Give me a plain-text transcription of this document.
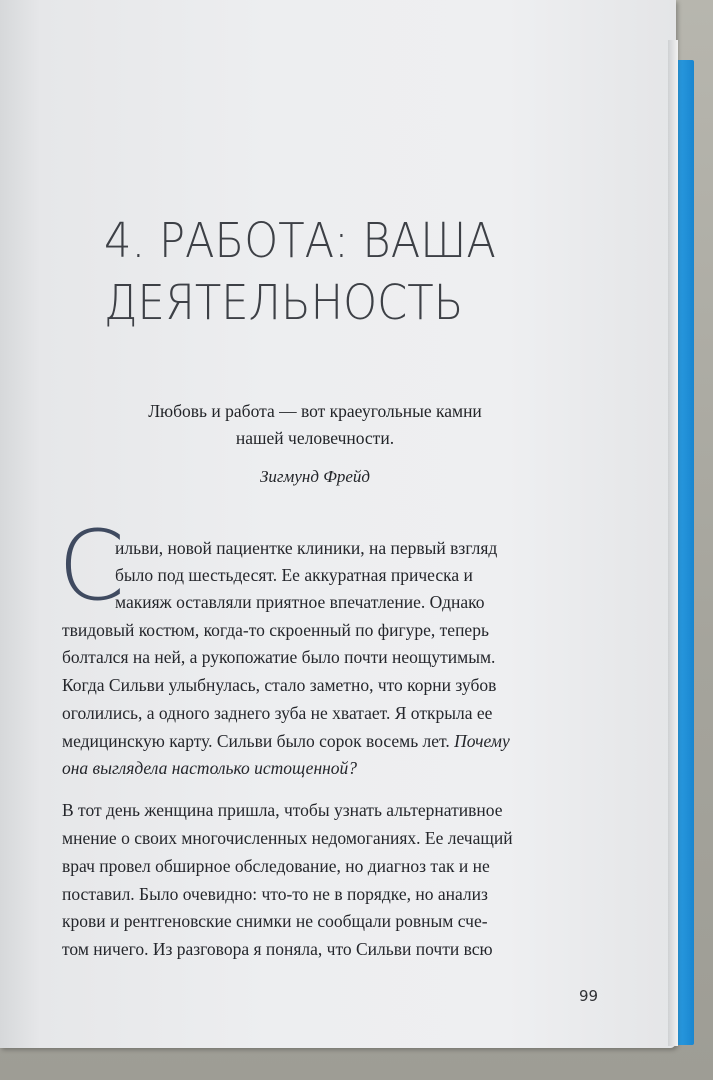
4. РАБОТА: ВАША
ДЕЯТЕЛЬНОСТЬ
Любовь и работа — вот краеугольные камни
нашей человечности.

Зигмунд Фрейд

С

ильви, новой пациентке клиники, на первый взгляд

было под шестьдесят. Ее аккуратная прическа и

макияж оставляли приятное впечатление. Однако

твидовый костюм, когда-то скроенный по фигуре, теперь

болтался на ней, а рукопожатие было почти неощутимым.

Когда Сильви улыбнулась, стало заметно, что корни зубов

оголились, а одного заднего зуба не хватает. Я открыла ее

медицинскую карту. Сильви было сорок восемь лет. Почему

она выглядела настолько истощенной?

В тот день женщина пришла, чтобы узнать альтернативное

мнение о своих многочисленных недомоганиях. Ее лечащий

врач провел обширное обследование, но диагноз так и не

поставил. Было очевидно: что-то не в порядке, но анализ

крови и рентгеновские снимки не сообщали ровным сче-

том ничего. Из разговора я поняла, что Сильви почти всю

99
